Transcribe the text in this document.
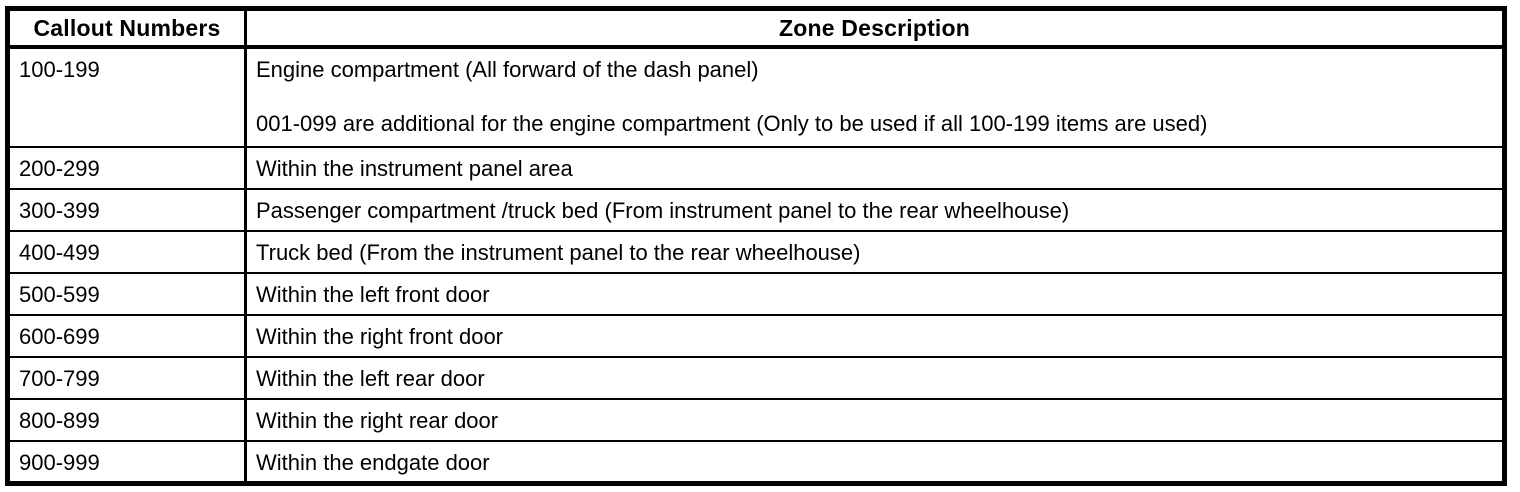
Callout Numbers	Zone Description
100-199	Engine compartment (All forward of the dash panel)
001-099 are additional for the engine compartment (Only to be used if all 100-199 items are used)

200-299	Within the instrument panel area
300-399	Passenger compartment /truck bed (From instrument panel to the rear wheelhouse)
400-499	Truck bed (From the instrument panel to the rear wheelhouse)
500-599	Within the left front door
600-699	Within the right front door
700-799	Within the left rear door
800-899	Within the right rear door
900-999	Within the endgate door
